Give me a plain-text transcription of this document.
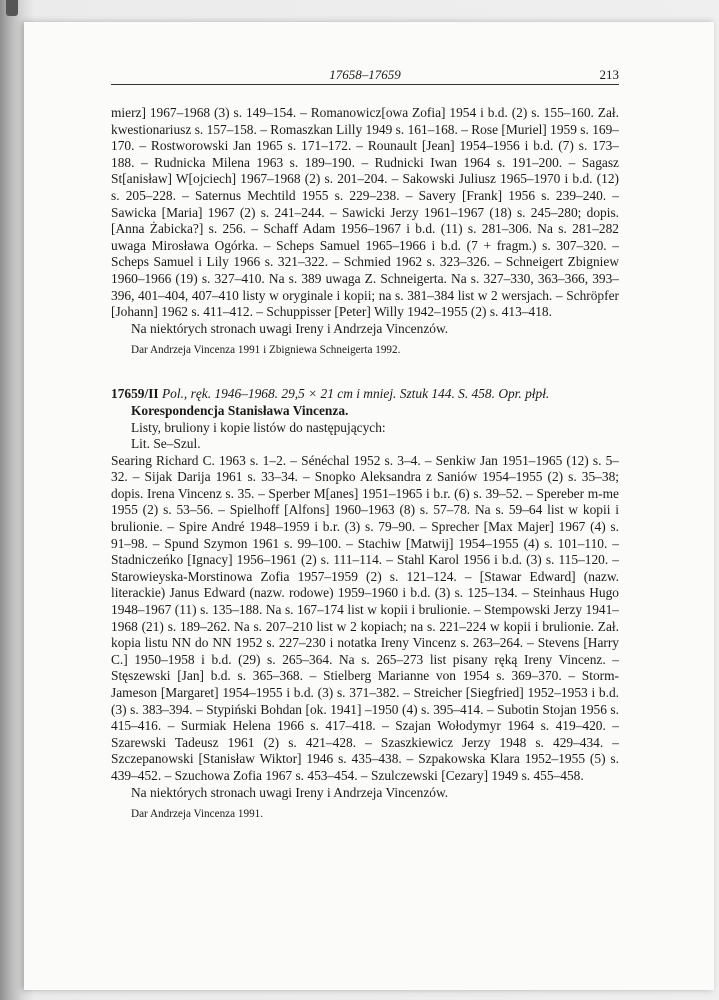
17658–17659	213

mierz] 1967–1968 (3) s. 149–154. – Romanowicz[owa Zofia] 1954 i b.d. (2) s. 155–160. Zał. kwestionariusz s. 157–158. – Romaszkan Lilly 1949 s. 161–168. – Rose [Muriel] 1959 s. 169–170. – Rostworowski Jan 1965 s. 171–172. – Rounault [Jean] 1954–1956 i b.d. (7) s. 173–188. – Rudnicka Milena 1963 s. 189–190. – Rudnicki Iwan 1964 s. 191–200. – Sagasz St[anisław] W[ojciech] 1967–1968 (2) s. 201–204. – Sakowski Juliusz 1965–1970 i b.d. (12) s. 205–228. – Saternus Mechtild 1955 s. 229–238. – Savery [Frank] 1956 s. 239–240. – Sawicka [Maria] 1967 (2) s. 241–244. – Sawicki Jerzy 1961–1967 (18) s. 245–280; dopis. [Anna Żabicka?] s. 256. – Schaff Adam 1956–1967 i b.d. (11) s. 281–306. Na s. 281–282 uwaga Mirosława Ogórka. – Scheps Samuel 1965–1966 i b.d. (7 + fragm.) s. 307–320. – Scheps Samuel i Lily 1966 s. 321–322. – Schmied 1962 s. 323–326. – Schneigert Zbigniew 1960–1966 (19) s. 327–410. Na s. 389 uwaga Z. Schneigerta. Na s. 327–330, 363–366, 393–396, 401–404, 407–410 listy w oryginale i kopii; na s. 381–384 list w 2 wersjach. – Schröpfer [Johann] 1962 s. 411–412. – Schuppisser [Peter] Willy 1942–1955 (2) s. 413–418.

Na niektórych stronach uwagi Ireny i Andrzeja Vincenzów.

Dar Andrzeja Vincenza 1991 i Zbigniewa Schneigerta 1992.

17659/II Pol., ręk. 1946–1968. 29,5 × 21 cm i mniej. Sztuk 144. S. 458. Opr. płpł.

Korespondencja Stanisława Vincenza.

Listy, bruliony i kopie listów do następujących:

Lit. Se–Szul.

Searing Richard C. 1963 s. 1–2. – Sénéchal 1952 s. 3–4. – Senkiw Jan 1951–1965 (12) s. 5–32. – Sijak Darija 1961 s. 33–34. – Snopko Aleksandra z Saniów 1954–1955 (2) s. 35–38; dopis. Irena Vincenz s. 35. – Sperber M[anes] 1951–1965 i b.r. (6) s. 39–52. – Spereber m-me 1955 (2) s. 53–56. – Spielhoff [Alfons] 1960–1963 (8) s. 57–78. Na s. 59–64 list w kopii i brulionie. – Spire André 1948–1959 i b.r. (3) s. 79–90. – Sprecher [Max Majer] 1967 (4) s. 91–98. – Spund Szymon 1961 s. 99–100. – Stachiw [Matwij] 1954–1955 (4) s. 101–110. – Stadniczeńko [Ignacy] 1956–1961 (2) s. 111–114. – Stahl Karol 1956 i b.d. (3) s. 115–120. – Starowieyska-Morstinowa Zofia 1957–1959 (2) s. 121–124. – [Stawar Edward] (nazw. literackie) Janus Edward (nazw. rodowe) 1959–1960 i b.d. (3) s. 125–134. – Steinhaus Hugo 1948–1967 (11) s. 135–188. Na s. 167–174 list w kopii i brulionie. – Stempowski Jerzy 1941–1968 (21) s. 189–262. Na s. 207–210 list w 2 kopiach; na s. 221–224 w kopii i brulionie. Zał. kopia listu NN do NN 1952 s. 227–230 i notatka Ireny Vincenz s. 263–264. – Stevens [Harry C.] 1950–1958 i b.d. (29) s. 265–364. Na s. 265–273 list pisany ręką Ireny Vincenz. – Stęszewski [Jan] b.d. s. 365–368. – Stielberg Marianne von 1954 s. 369–370. – Storm-Jameson [Margaret] 1954–1955 i b.d. (3) s. 371–382. – Streicher [Siegfried] 1952–1953 i b.d. (3) s. 383–394. – Stypiński Bohdan [ok. 1941] –1950 (4) s. 395–414. – Subotin Stojan 1956 s. 415–416. – Surmiak Helena 1966 s. 417–418. – Szajan Wołodymyr 1964 s. 419–420. – Szarewski Tadeusz 1961 (2) s. 421–428. – Szaszkiewicz Jerzy 1948 s. 429–434. – Szczepanowski [Stanisław Wiktor] 1946 s. 435–438. – Szpakowska Klara 1952–1955 (5) s. 439–452. – Szuchowa Zofia 1967 s. 453–454. – Szulczewski [Cezary] 1949 s. 455–458.

Na niektórych stronach uwagi Ireny i Andrzeja Vincenzów.

Dar Andrzeja Vincenza 1991.
